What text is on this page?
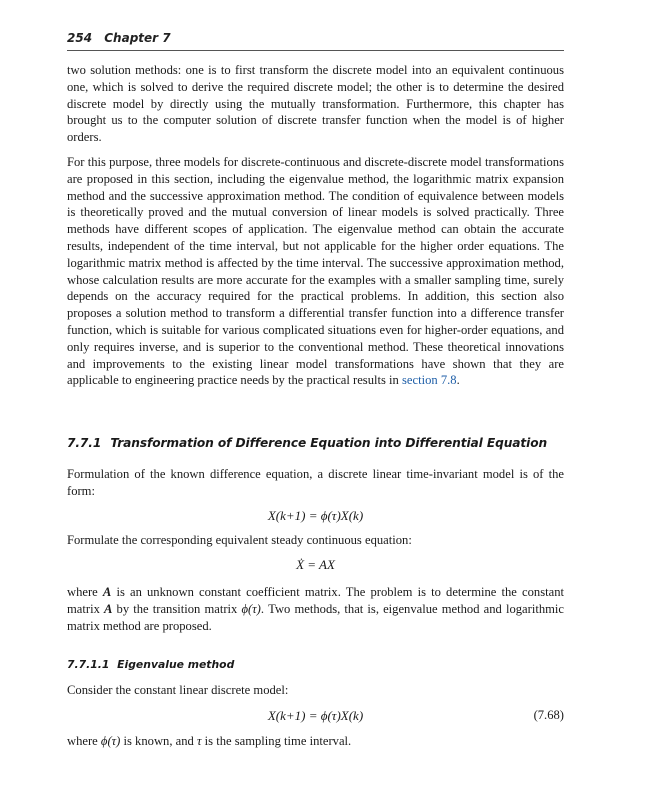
254 Chapter 7

two solution methods: one is to first transform the discrete model into an equivalent continuous one, which is solved to derive the required discrete model; the other is to determine the desired discrete model by directly using the mutually transformation. Furthermore, this chapter has brought us to the computer solution of discrete transfer function when the model is of higher orders.

For this purpose, three models for discrete-continuous and discrete-discrete model transformations are proposed in this section, including the eigenvalue method, the logarithmic matrix expansion method and the successive approximation method. The condition of equivalence between models is theoretically proved and the mutual conversion of linear models is solved practically. Three methods have different scopes of application. The eigenvalue method can obtain the accurate results, independent of the time interval, but not applicable for the higher order equations. The logarithmic matrix method is affected by the time interval. The successive approximation method, whose calculation results are more accurate for the examples with a smaller sampling time, surely depends on the accuracy required for the practical problems. In addition, this section also proposes a solution method to transform a differential transfer function into a difference transfer function, which is suitable for various complicated situations even for higher-order equations, and only requires inverse, and is superior to the conventional method. These theoretical innovations and improvements to the existing linear model transformations have shown that they are applicable to engineering practice needs by the practical results in section 7.8.

7.7.1 Transformation of Difference Equation into Differential Equation

Formulation of the known difference equation, a discrete linear time-invariant model is of the form:

X(k+1) = ϕ(τ)X(k)

Formulate the corresponding equivalent steady continuous equation:

Ẋ = AX

where A is an unknown constant coefficient matrix. The problem is to determine the constant matrix A by the transition matrix ϕ(τ). Two methods, that is, eigenvalue method and logarithmic matrix method are proposed.

7.7.1.1 Eigenvalue method

Consider the constant linear discrete model:

X(k+1) = ϕ(τ)X(k)	(7.68)

where ϕ(τ) is known, and τ is the sampling time interval.
